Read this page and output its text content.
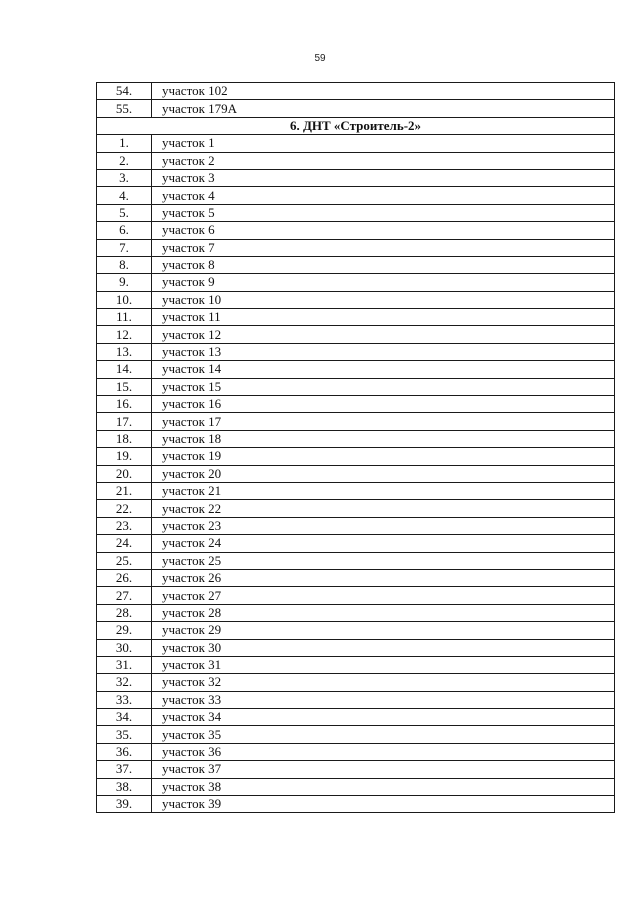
59
54.	участок 102
55.	участок 179А
6. ДНТ «Строитель-2»	
1.	участок 1
2.	участок 2
3.	участок 3
4.	участок 4
5.	участок 5
6.	участок 6
7.	участок 7
8.	участок 8
9.	участок 9
10.	участок 10
11.	участок 11
12.	участок 12
13.	участок 13
14.	участок 14
15.	участок 15
16.	участок 16
17.	участок 17
18.	участок 18
19.	участок 19
20.	участок 20
21.	участок 21
22.	участок 22
23.	участок 23
24.	участок 24
25.	участок 25
26.	участок 26
27.	участок 27
28.	участок 28
29.	участок 29
30.	участок 30
31.	участок 31
32.	участок 32
33.	участок 33
34.	участок 34
35.	участок 35
36.	участок 36
37.	участок 37
38.	участок 38
39.	участок 39
